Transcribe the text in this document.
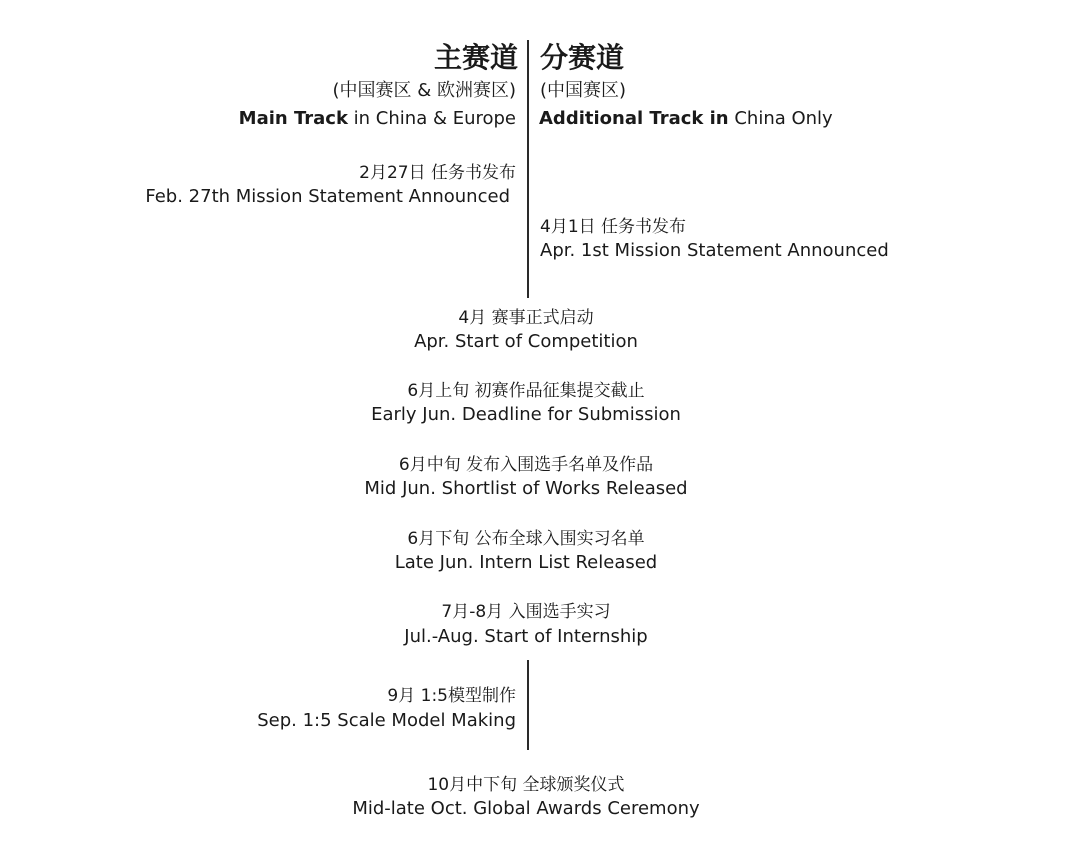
主赛道
(中国赛区 & 欧洲赛区)
Main Track in China & Europe
分赛道
(中国赛区)
Additional Track in China Only
2月27日 任务书发布
Feb. 27th Mission Statement Announced
4月1日 任务书发布
Apr. 1st Mission Statement Announced
4月 赛事正式启动
Apr. Start of Competition
6月上旬 初赛作品征集提交截止
Early Jun. Deadline for Submission
6月中旬 发布入围选手名单及作品
Mid Jun. Shortlist of Works Released
6月下旬 公布全球入围实习名单
Late Jun. Intern List Released
7月-8月 入围选手实习
Jul.-Aug. Start of Internship
9月 1:5模型制作
Sep. 1:5 Scale Model Making
10月中下旬 全球颁奖仪式
Mid-late Oct. Global Awards Ceremony
